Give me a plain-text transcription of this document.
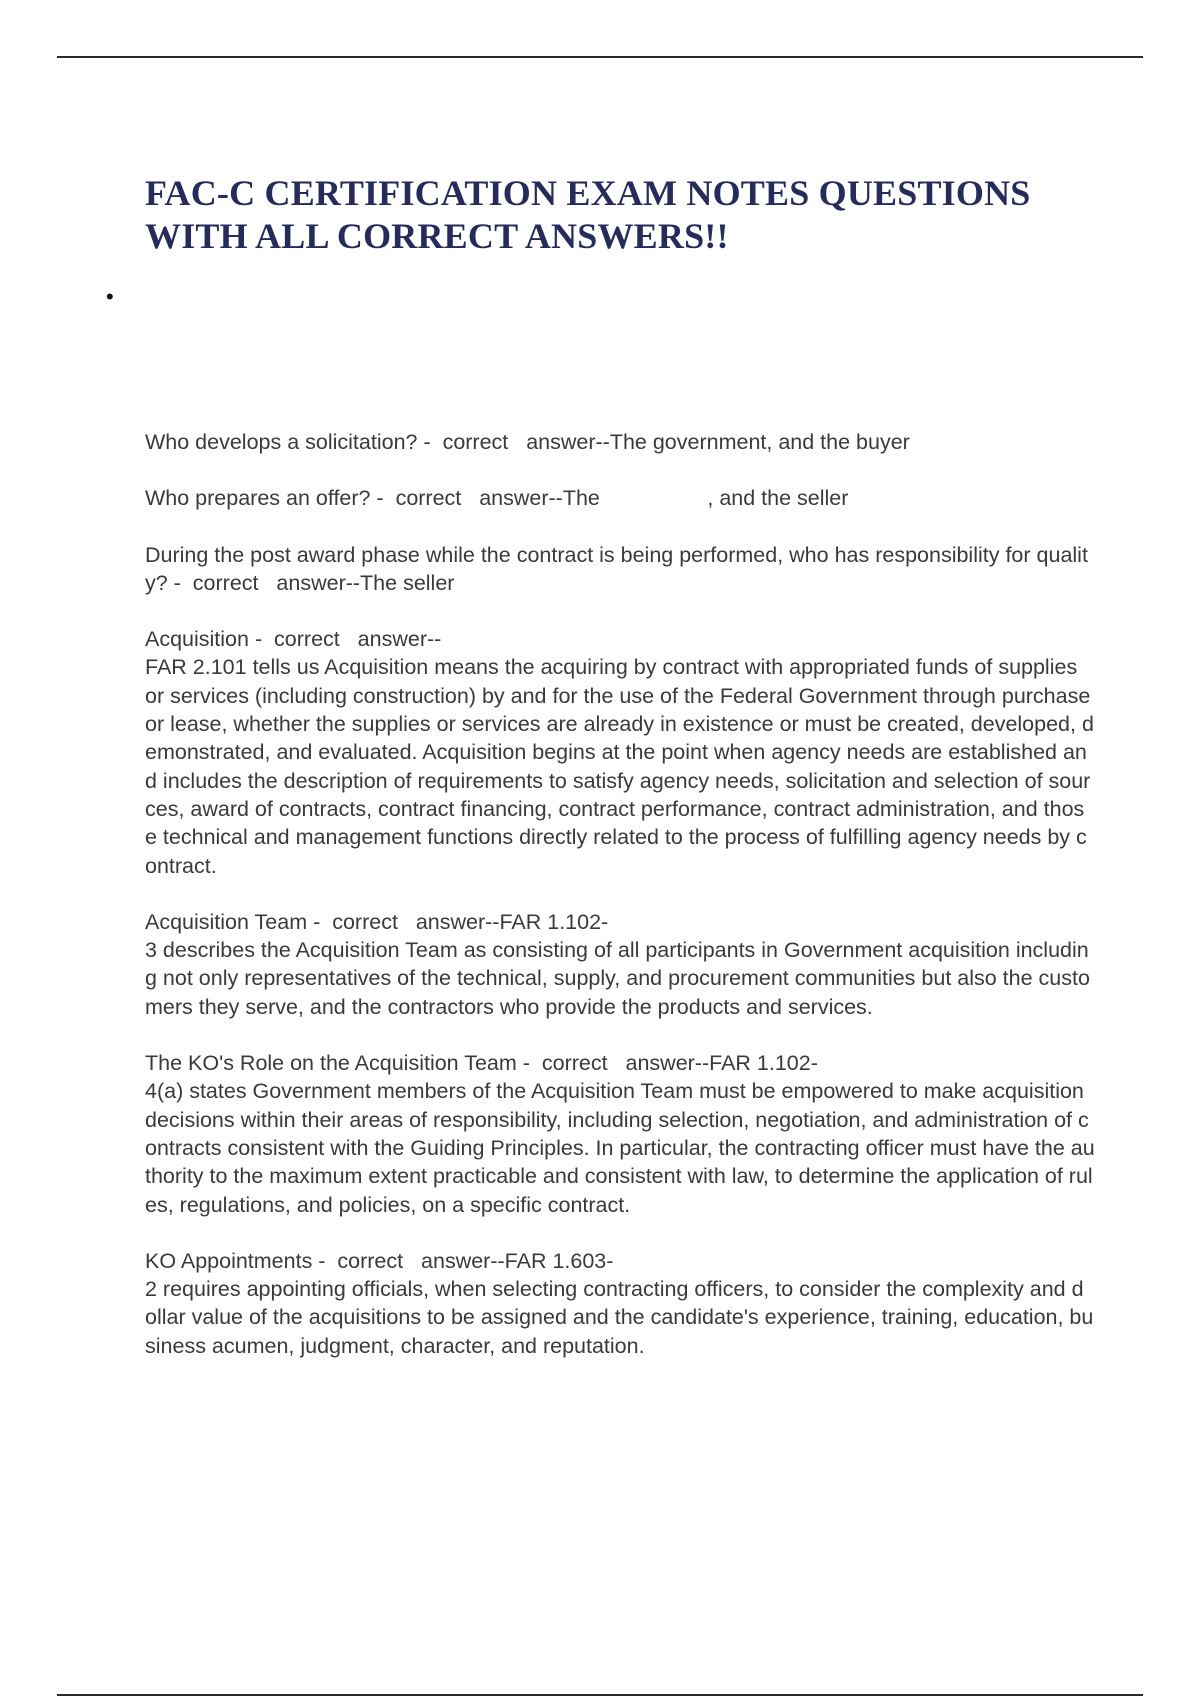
FAC-C CERTIFICATION EXAM NOTES QUESTIONS WITH ALL CORRECT ANSWERS!!
•

Who develops a solicitation? -  correct   answer--The government, and the buyer

Who prepares an offer? -  correct   answer--The                  , and the seller

During the post award phase while the contract is being performed, who has responsibility for quality? -  correct   answer--The seller

Acquisition -  correct   answer--
FAR 2.101 tells us Acquisition means the acquiring by contract with appropriated funds of supplies or services (including construction) by and for the use of the Federal Government through purchase or lease, whether the supplies or services are already in existence or must be created, developed, demonstrated, and evaluated. Acquisition begins at the point when agency needs are established and includes the description of requirements to satisfy agency needs, solicitation and selection of sources, award of contracts, contract financing, contract performance, contract administration, and those technical and management functions directly related to the process of fulfilling agency needs by contract.

Acquisition Team -  correct   answer--FAR 1.102-
3 describes the Acquisition Team as consisting of all participants in Government acquisition including not only representatives of the technical, supply, and procurement communities but also the customers they serve, and the contractors who provide the products and services.

The KO's Role on the Acquisition Team -  correct   answer--FAR 1.102-
4(a) states Government members of the Acquisition Team must be empowered to make acquisition decisions within their areas of responsibility, including selection, negotiation, and administration of contracts consistent with the Guiding Principles. In particular, the contracting officer must have the authority to the maximum extent practicable and consistent with law, to determine the application of rules, regulations, and policies, on a specific contract.

KO Appointments -  correct   answer--FAR 1.603-
2 requires appointing officials, when selecting contracting officers, to consider the complexity and dollar value of the acquisitions to be assigned and the candidate's experience, training, education, business acumen, judgment, character, and reputation.
